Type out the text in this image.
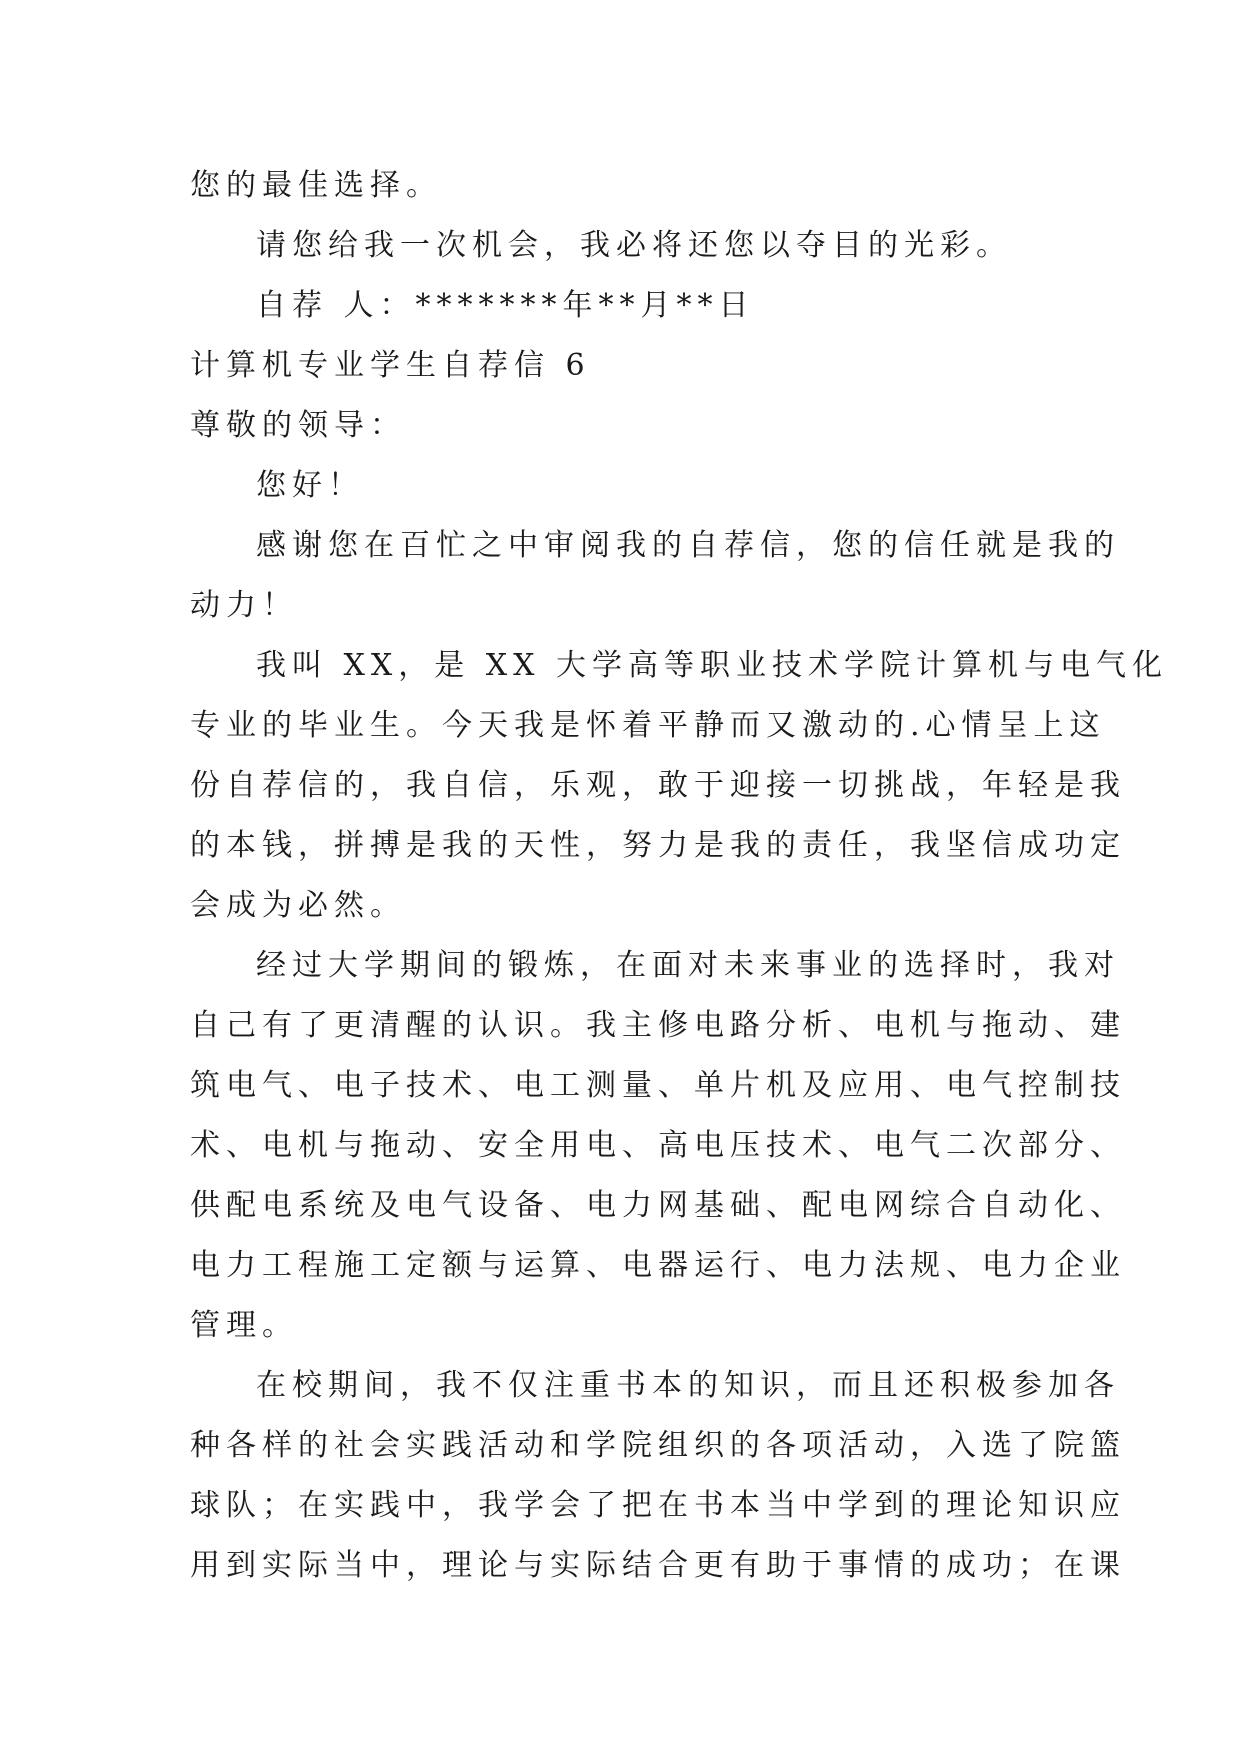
您的最佳选择。
请您给我一次机会，我必将还您以夺目的光彩。
自荐 人：*******年**月**日
计算机专业学生自荐信 6
尊敬的领导：
您好！
感谢您在百忙之中审阅我的自荐信，您的信任就是我的
动力！
我叫 XX，是 XX 大学高等职业技术学院计算机与电气化
专业的毕业生。今天我是怀着平静而又激动的.心情呈上这
份自荐信的，我自信，乐观，敢于迎接一切挑战，年轻是我
的本钱，拼搏是我的天性，努力是我的责任，我坚信成功定
会成为必然。
经过大学期间的锻炼，在面对未来事业的选择时，我对
自己有了更清醒的认识。我主修电路分析、电机与拖动、建
筑电气、电子技术、电工测量、单片机及应用、电气控制技
术、电机与拖动、安全用电、高电压技术、电气二次部分、
供配电系统及电气设备、电力网基础、配电网综合自动化、
电力工程施工定额与运算、电器运行、电力法规、电力企业
管理。
在校期间，我不仅注重书本的知识，而且还积极参加各
种各样的社会实践活动和学院组织的各项活动，入选了院篮
球队；在实践中，我学会了把在书本当中学到的理论知识应
用到实际当中，理论与实际结合更有助于事情的成功；在课
